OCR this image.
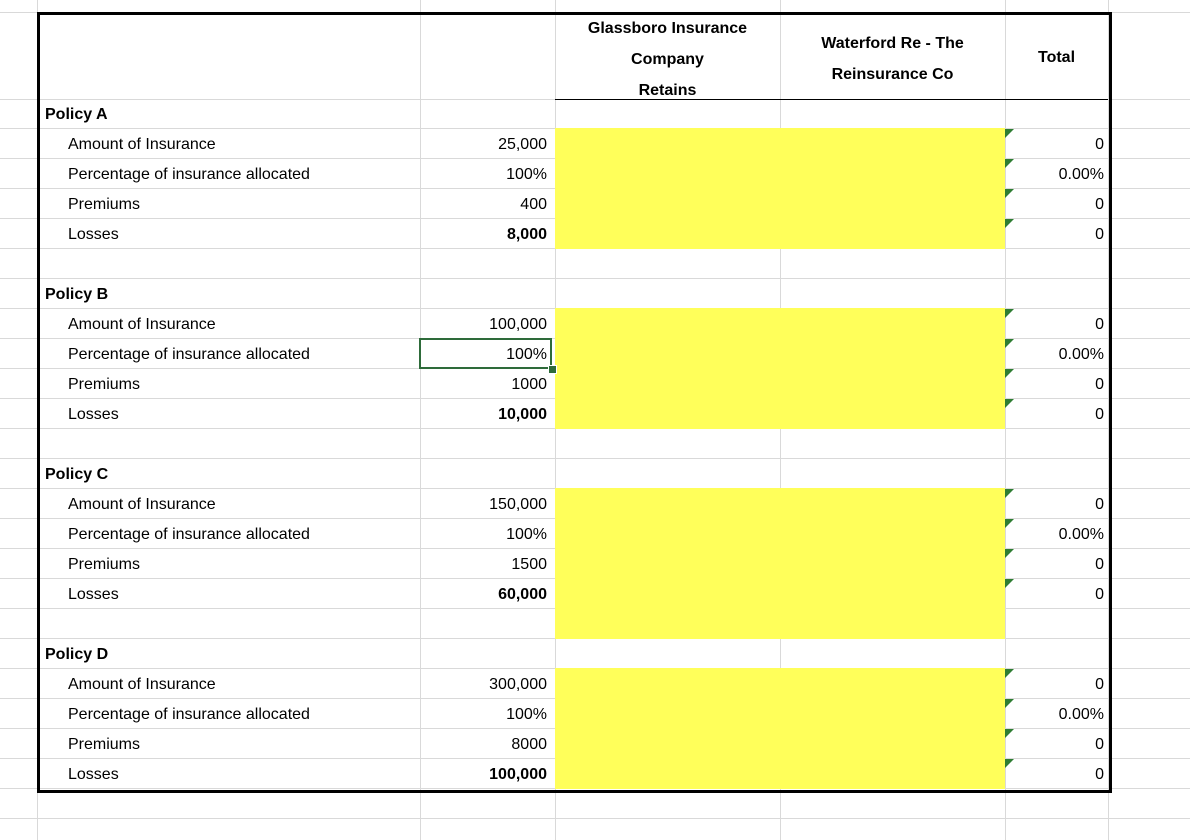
Glassboro Insurance
Company
Retains
Waterford Re - The
Reinsurance Co
Total
Policy A
Amount of Insurance
Percentage of insurance allocated
Premiums
Losses
25,000
100%
400
8,000
0
0.00%
0
0
Policy B
Amount of Insurance
Percentage of insurance allocated
Premiums
Losses
100,000
100%
1000
10,000
0
0.00%
0
0
Policy C
Amount of Insurance
Percentage of insurance allocated
Premiums
Losses
150,000
100%
1500
60,000
0
0.00%
0
0
Policy D
Amount of Insurance
Percentage of insurance allocated
Premiums
Losses
300,000
100%
8000
100,000
0
0.00%
0
0
